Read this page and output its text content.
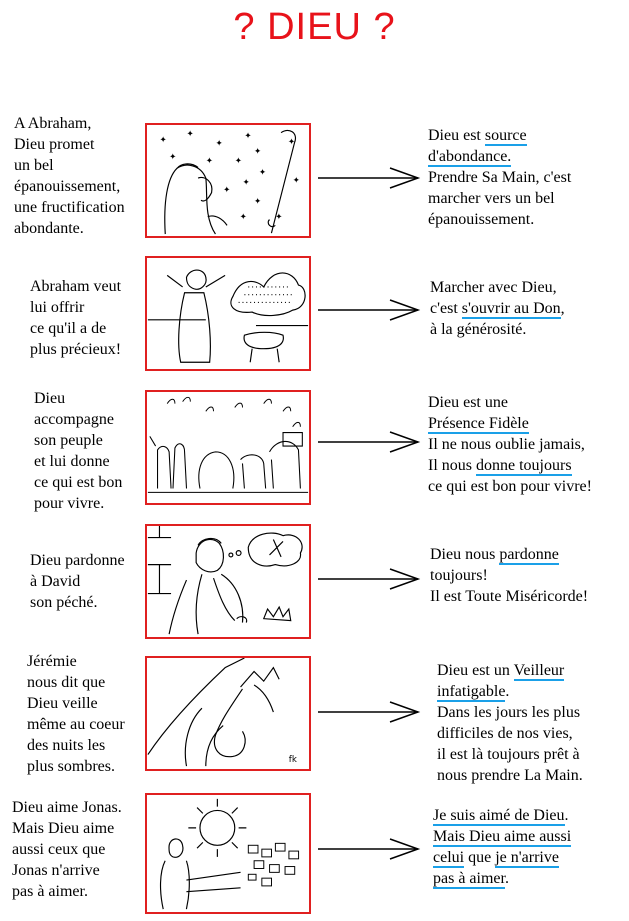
? DIEU ?
A Abraham,
Dieu promet
un bel
épanouissement,
une fructification
abondante.
✦
✦
✦
✦
✦	✦
✦
✦
✦
✦
✦	✦
✦
✦
✦
✦
Dieu est source
d'abondance.
Prendre Sa Main, c'est
marcher vers un bel
épanouissement.
Abraham veut
lui offrir
ce qu'il a de
plus précieux!
Marcher avec Dieu,
c'est s'ouvrir au Don,
à la générosité.
Dieu
accompagne
son peuple
et lui donne
ce qui est bon
pour vivre.
Dieu est une
Présence Fidèle
Il ne nous oublie jamais,
Il nous donne toujours
ce qui est bon pour vivre!
Dieu pardonne
à David
son péché.
Dieu nous pardonne
toujours!
Il est Toute Miséricorde!
Jérémie
nous dit que
Dieu veille
même au coeur
des nuits les
plus sombres.	fk
Dieu est un Veilleur
infatigable.
Dans les jours les plus
difficiles de nos vies,
il est là toujours prêt à
nous prendre La Main.
Dieu aime Jonas.
Mais Dieu aime
aussi ceux que
Jonas n'arrive
pas à aimer.
Je suis aimé de Dieu.
Mais Dieu aime aussi
celui que je n'arrive
pas à aimer.
